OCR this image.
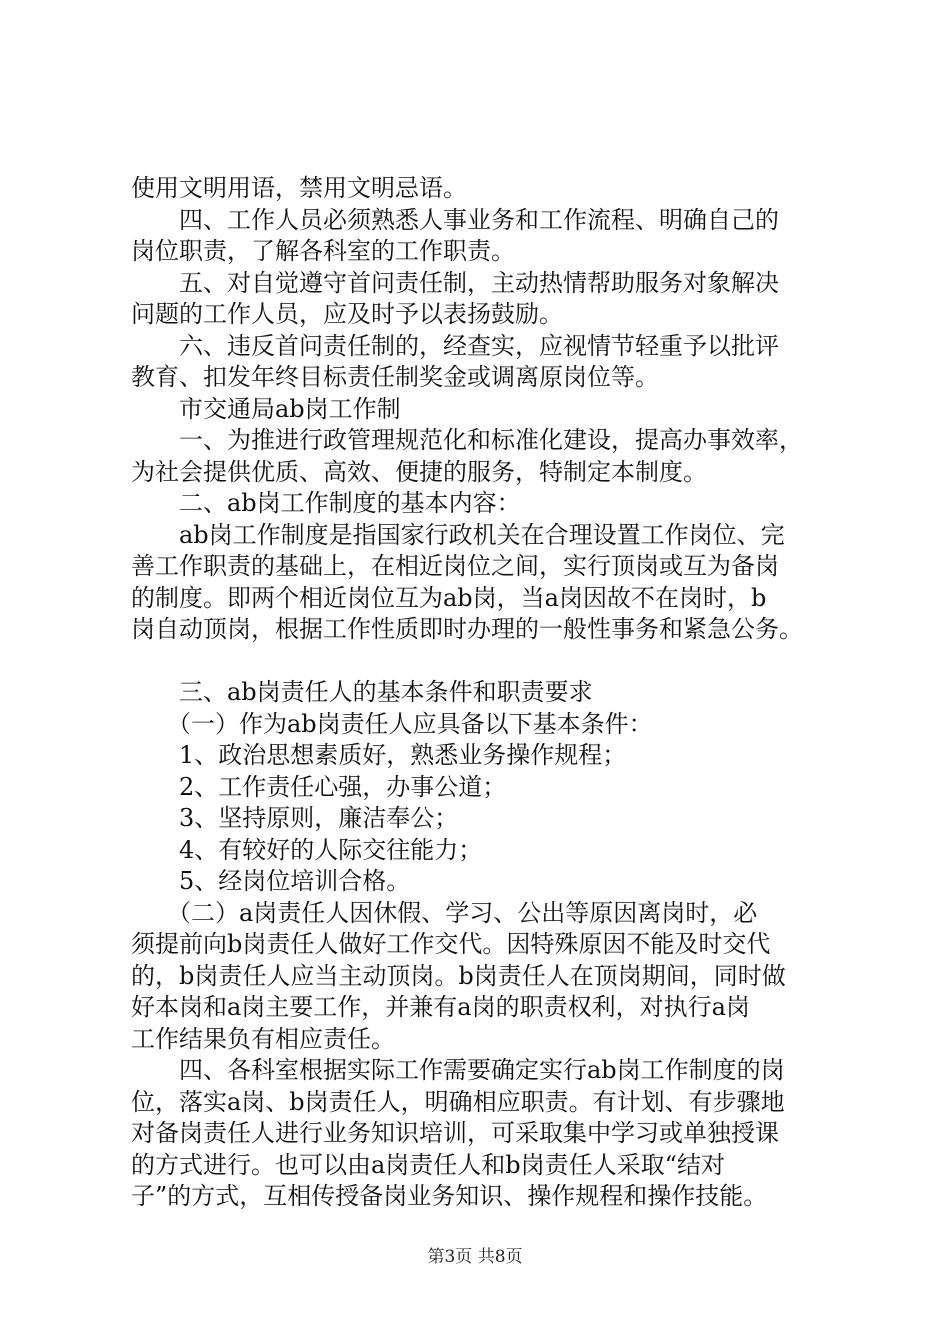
使用文明用语，禁用文明忌语。
　　四、工作人员必须熟悉人事业务和工作流程、明确自己的
岗位职责，了解各科室的工作职责。
　　五、对自觉遵守首问责任制，主动热情帮助服务对象解决
问题的工作人员，应及时予以表扬鼓励。
　　六、违反首问责任制的，经查实，应视情节轻重予以批评
教育、扣发年终目标责任制奖金或调离原岗位等。
　　市交通局ab岗工作制
　　一、为推进行政管理规范化和标准化建设，提高办事效率，
为社会提供优质、高效、便捷的服务，特制定本制度。
　　二、ab岗工作制度的基本内容：
　　ab岗工作制度是指国家行政机关在合理设置工作岗位、完
善工作职责的基础上，在相近岗位之间，实行顶岗或互为备岗
的制度。即两个相近岗位互为ab岗，当a岗因故不在岗时，b
岗自动顶岗，根据工作性质即时办理的一般性事务和紧急公务。
　　三、ab岗责任人的基本条件和职责要求
　　（一）作为ab岗责任人应具备以下基本条件：
　　1、政治思想素质好，熟悉业务操作规程；
　　2、工作责任心强，办事公道；
　　3、坚持原则，廉洁奉公；
　　4、有较好的人际交往能力；
　　5、经岗位培训合格。
　　（二）a岗责任人因休假、学习、公出等原因离岗时，必
须提前向b岗责任人做好工作交代。因特殊原因不能及时交代
的，b岗责任人应当主动顶岗。b岗责任人在顶岗期间，同时做
好本岗和a岗主要工作，并兼有a岗的职责权利，对执行a岗
工作结果负有相应责任。
　　四、各科室根据实际工作需要确定实行ab岗工作制度的岗
位，落实a岗、b岗责任人，明确相应职责。有计划、有步骤地
对备岗责任人进行业务知识培训，可采取集中学习或单独授课
的方式进行。也可以由a岗责任人和b岗责任人采取“结对
子”的方式，互相传授备岗业务知识、操作规程和操作技能。
第3页 共8页
